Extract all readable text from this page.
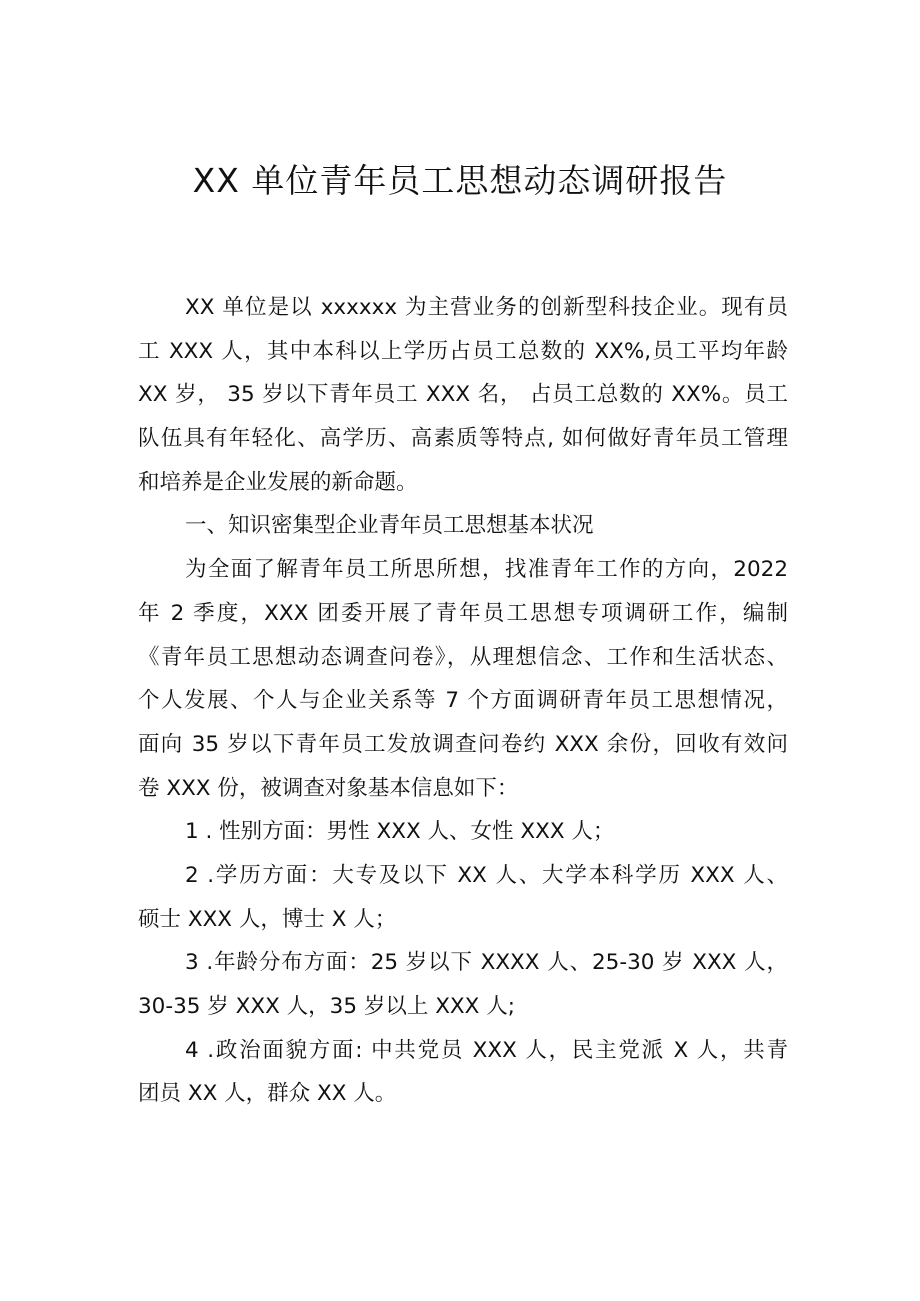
XX 单位青年员工思想动态调研报告
XX 单位是以 xxxxxx 为主营业务的创新型科技企业。现有员
工 XXX 人，其中本科以上学历占员工总数的 XX%,员工平均年龄
XX 岁， 35 岁以下青年员工 XXX 名， 占员工总数的 XX%。员工
队伍具有年轻化、高学历、高素质等特点, 如何做好青年员工管理
和培养是企业发展的新命题。
一、知识密集型企业青年员工思想基本状况
为全面了解青年员工所思所想，找准青年工作的方向，2022
年 2 季度，XXX 团委开展了青年员工思想专项调研工作，编制
《青年员工思想动态调查问卷》，从理想信念、工作和生活状态、
个人发展、个人与企业关系等 7 个方面调研青年员工思想情况，
面向 35 岁以下青年员工发放调查问卷约 XXX 余份，回收有效问
卷 XXX 份，被调查对象基本信息如下：
1 . 性别方面：男性 XXX 人、女性 XXX 人；
2 .学历方面：大专及以下 XX 人、大学本科学历 XXX 人、
硕士 XXX 人，博士 X 人；
3 .年龄分布方面：25 岁以下 XXXX 人、25-30 岁 XXX 人，
30-35 岁 XXX 人，35 岁以上 XXX 人;
4 .政治面貌方面: 中共党员 XXX 人，民主党派 X 人，共青
团员 XX 人，群众 XX 人。
